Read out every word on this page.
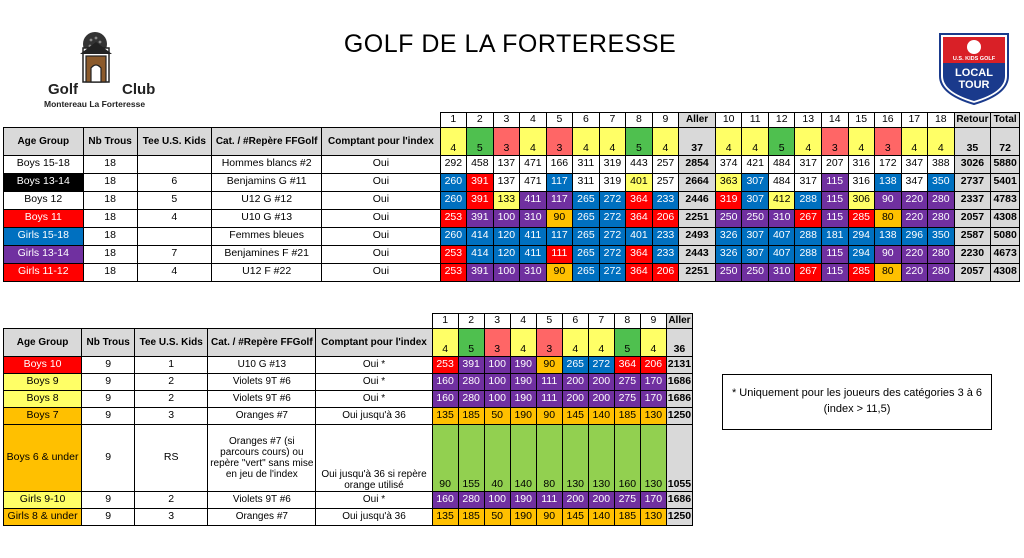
GOLF DE LA FORTERESSE
Golf	Club
Montereau La Forteresse
U.S. KIDS GOLF
LOCAL
TOUR
					1	2	3	4	5	6	7	8	9	Aller	10	11	12	13	14	15	16	17	18	Retour	Total
Age Group	Nb Trous	Tee U.S. Kids	Cat. / #Repère FFGolf	Comptant pour l'index	4	5	3	4	3	4	4	5	4	37	4	4	5	4	3	4	3	4	4	35	72
Boys 15-18	18		Hommes blancs #2	Oui	292	458	137	471	166	311	319	443	257	2854	374	421	484	317	207	316	172	347	388	3026	5880
Boys 13-14	18	6	Benjamins G #11	Oui	260	391	137	471	117	311	319	401	257	2664	363	307	484	317	115	316	138	347	350	2737	5401
Boys 12	18	5	U12 G #12	Oui	260	391	133	411	117	265	272	364	233	2446	319	307	412	288	115	306	90	220	280	2337	4783
Boys 11	18	4	U10 G #13	Oui	253	391	100	310	90	265	272	364	206	2251	250	250	310	267	115	285	80	220	280	2057	4308
Girls 15-18	18		Femmes bleues	Oui	260	414	120	411	117	265	272	401	233	2493	326	307	407	288	181	294	138	296	350	2587	5080
Girls 13-14	18	7	Benjamines F #21	Oui	253	414	120	411	111	265	272	364	233	2443	326	307	407	288	115	294	90	220	280	2230	4673
Girls 11-12	18	4	U12 F #22	Oui	253	391	100	310	90	265	272	364	206	2251	250	250	310	267	115	285	80	220	280	2057	4308
					1	2	3	4	5	6	7	8	9	Aller
Age Group	Nb Trous	Tee U.S. Kids	Cat. / #Repère FFGolf	Comptant pour l'index	4	5	3	4	3	4	4	5	4	36
Boys 10	9	1	U10 G #13	Oui *	253	391	100	190	90	265	272	364	206	2131
Boys 9	9	2	Violets 9T #6	Oui *	160	280	100	190	111	200	200	275	170	1686
Boys 8	9	2	Violets 9T #6	Oui *	160	280	100	190	111	200	200	275	170	1686
Boys 7	9	3	Oranges #7	Oui jusqu'à 36	135	185	50	190	90	145	140	185	130	1250
Boys 6 & under	9	RS	Oranges #7 (si parcours cours) ou repère "vert" sans mise en jeu de l'index	Oui jusqu'à 36 si repère orange utilisé	90	155	40	140	80	130	130	160	130	1055
Girls 9-10	9	2	Violets 9T #6	Oui *	160	280	100	190	111	200	200	275	170	1686
Girls 8 & under	9	3	Oranges #7	Oui jusqu'à 36	135	185	50	190	90	145	140	185	130	1250
* Uniquement pour les joueurs des catégories 3 à 6 (index > 11,5)
